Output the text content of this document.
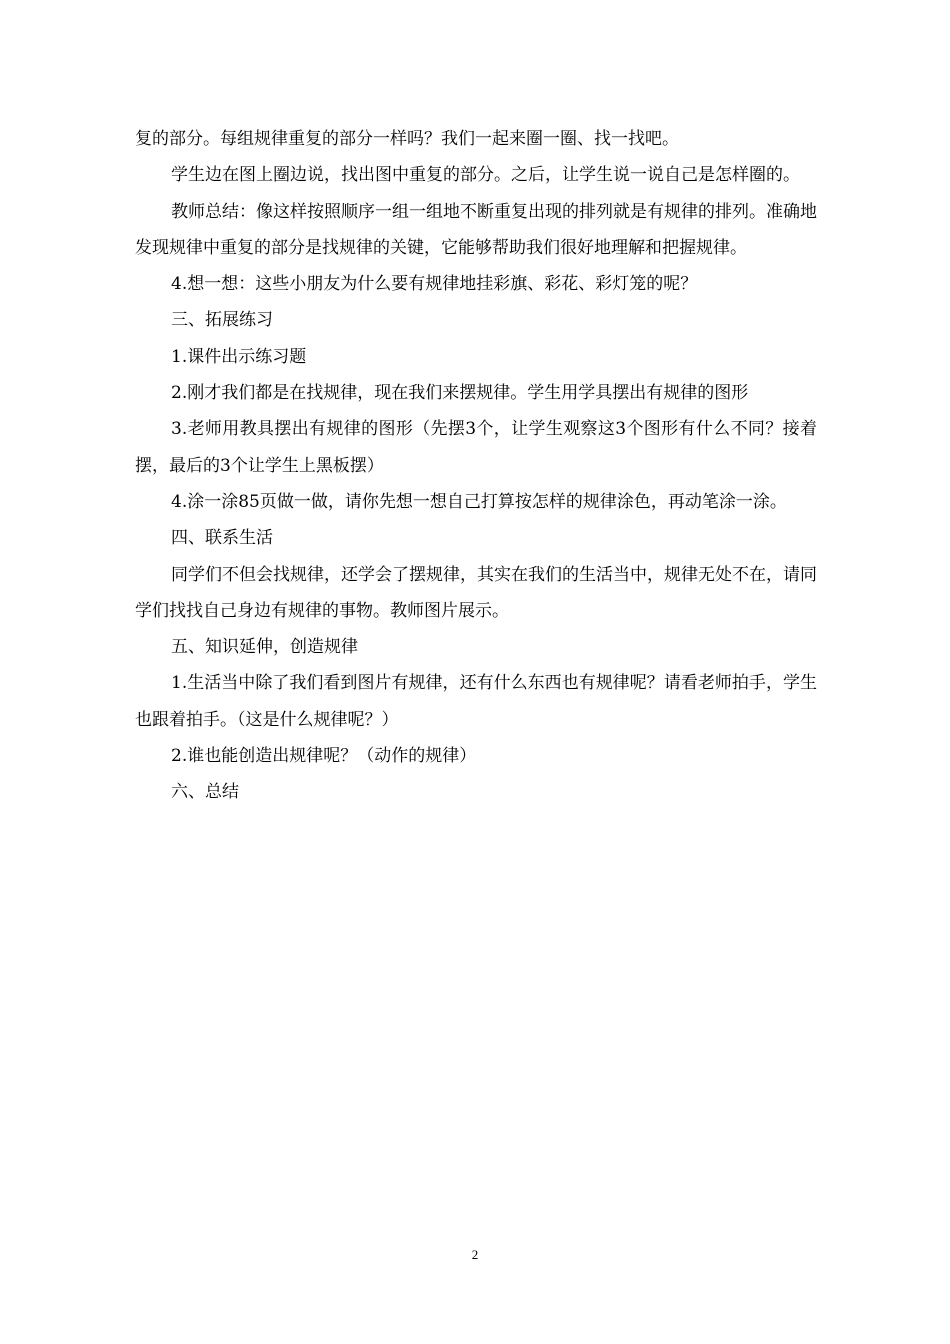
复的部分。每组规律重复的部分一样吗？我们一起来圈一圈、找一找吧。

学生边在图上圈边说，找出图中重复的部分。之后，让学生说一说自己是怎样圈的。

教师总结：像这样按照顺序一组一组地不断重复出现的排列就是有规律的排列。准确地发现规律中重复的部分是找规律的关键，它能够帮助我们很好地理解和把握规律。

4.想一想：这些小朋友为什么要有规律地挂彩旗、彩花、彩灯笼的呢？

三、拓展练习

1.课件出示练习题

2.刚才我们都是在找规律，现在我们来摆规律。学生用学具摆出有规律的图形

3.老师用教具摆出有规律的图形（先摆3个，让学生观察这3个图形有什么不同？接着摆，最后的3个让学生上黑板摆）

4.涂一涂85页做一做，请你先想一想自己打算按怎样的规律涂色，再动笔涂一涂。

四、联系生活

同学们不但会找规律，还学会了摆规律，其实在我们的生活当中，规律无处不在，请同学们找找自己身边有规律的事物。教师图片展示。

五、知识延伸，创造规律

1.生活当中除了我们看到图片有规律，还有什么东西也有规律呢？请看老师拍手，学生也跟着拍手。（这是什么规律呢？）

2.谁也能创造出规律呢？（动作的规律）

六、总结

2
